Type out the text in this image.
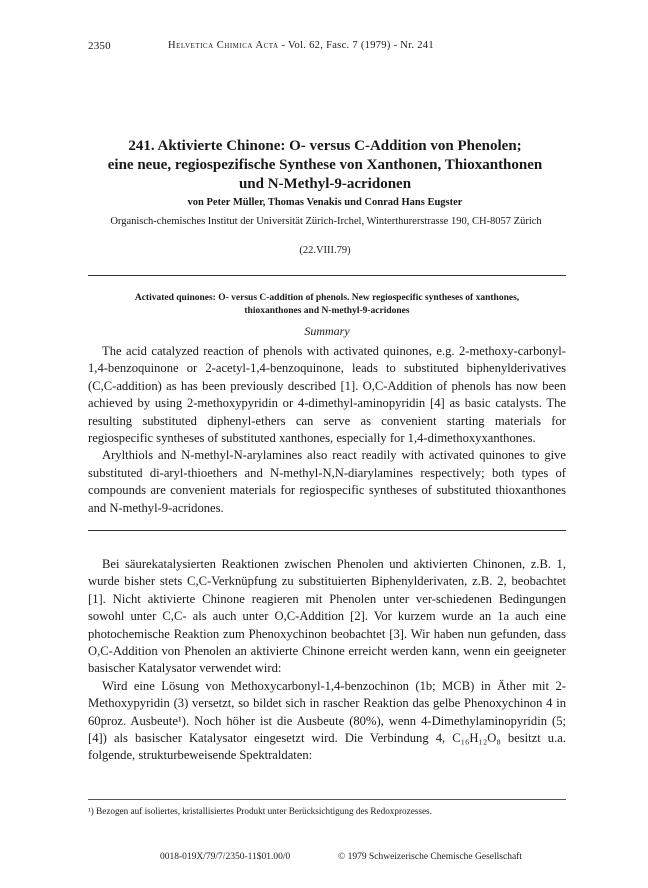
2350	Helvetica Chimica Acta - Vol. 62, Fasc. 7 (1979) - Nr. 241
241. Aktivierte Chinone: O- versus C-Addition von Phenolen;
eine neue, regiospezifische Synthese von Xanthonen, Thioxanthonen
und N-Methyl-9-acridonen
von Peter Müller, Thomas Venakis und Conrad Hans Eugster
Organisch-chemisches Institut der Universität Zürich-Irchel, Winterthurerstrasse 190, CH-8057 Zürich
(22.VIII.79)
Activated quinones: O- versus C-addition of phenols. New regiospecific syntheses of xanthones,
thioxanthones and N-methyl-9-acridones
Summary

The acid catalyzed reaction of phenols with activated quinones, e.g. 2-methoxy-carbonyl-1,4-benzoquinone or 2-acetyl-1,4-benzoquinone, leads to substituted biphenylderivatives (C,C-addition) as has been previously described [1]. O,C-Addition of phenols has now been achieved by using 2-methoxypyridin or 4-dimethyl-aminopyridin [4] as basic catalysts. The resulting substituted diphenyl-ethers can serve as convenient starting materials for regiospecific syntheses of substituted xanthones, especially for 1,4-dimethoxyxanthones.

Arylthiols and N-methyl-N-arylamines also react readily with activated quinones to give substituted di-aryl-thioethers and N-methyl-N,N-diarylamines respectively; both types of compounds are convenient materials for regiospecific syntheses of substituted thioxanthones and N-methyl-9-acridones.

Bei säurekatalysierten Reaktionen zwischen Phenolen und aktivierten Chinonen, z.B. 1, wurde bisher stets C,C-Verknüpfung zu substituierten Biphenylderivaten, z.B. 2, beobachtet [1]. Nicht aktivierte Chinone reagieren mit Phenolen unter ver-schiedenen Bedingungen sowohl unter C,C- als auch unter O,C-Addition [2]. Vor kurzem wurde an 1a auch eine photochemische Reaktion zum Phenoxychinon beobachtet [3]. Wir haben nun gefunden, dass O,C-Addition von Phenolen an aktivierte Chinone erreicht werden kann, wenn ein geeigneter basischer Katalysator verwendet wird:

Wird eine Lösung von Methoxycarbonyl-1,4-benzochinon (1b; MCB) in Äther mit 2-Methoxypyridin (3) versetzt, so bildet sich in rascher Reaktion das gelbe Phenoxychinon 4 in 60proz. Ausbeute¹). Noch höher ist die Ausbeute (80%), wenn 4-Dimethylaminopyridin (5; [4]) als basischer Katalysator eingesetzt wird. Die Verbindung 4, C₁₆H₁₂O₈ besitzt u.a. folgende, strukturbeweisende Spektraldaten:

¹) Bezogen auf isoliertes, kristallisiertes Produkt unter Berücksichtigung des Redoxprozesses.
0018-019X/79/7/2350-11$01.00/0	© 1979 Schweizerische Chemische Gesellschaft
